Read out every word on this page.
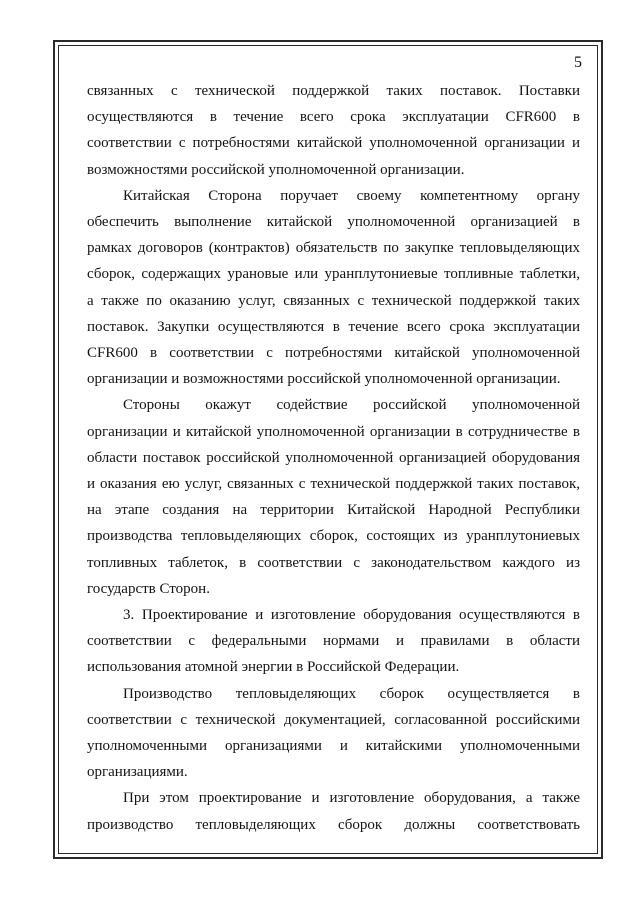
5

связанных с технической поддержкой таких поставок. Поставки
осуществляются в течение всего срока эксплуатации CFR600 в
соответствии с потребностями китайской уполномоченной организации и
возможностями российской уполномоченной организации.

Китайская Сторона поручает своему компетентному органу
обеспечить выполнение китайской уполномоченной организацией в
рамках договоров (контрактов) обязательств по закупке тепловыделяющих
сборок, содержащих урановые или уранплутониевые топливные таблетки,
а также по оказанию услуг, связанных с технической поддержкой таких
поставок. Закупки осуществляются в течение всего срока эксплуатации
CFR600 в соответствии с потребностями китайской уполномоченной
организации и возможностями российской уполномоченной организации.

Стороны окажут содействие российской уполномоченной
организации и китайской уполномоченной организации в сотрудничестве в
области поставок российской уполномоченной организацией оборудования
и оказания ею услуг, связанных с технической поддержкой таких поставок,
на этапе создания на территории Китайской Народной Республики
производства тепловыделяющих сборок, состоящих из уранплутониевых
топливных таблеток, в соответствии с законодательством каждого из
государств Сторон.

3. Проектирование и изготовление оборудования осуществляются в
соответствии с федеральными нормами и правилами в области
использования атомной энергии в Российской Федерации.

Производство тепловыделяющих сборок осуществляется в
соответствии с технической документацией, согласованной российскими
уполномоченными организациями и китайскими уполномоченными
организациями.

При этом проектирование и изготовление оборудования, а также
производство тепловыделяющих сборок должны соответствовать
